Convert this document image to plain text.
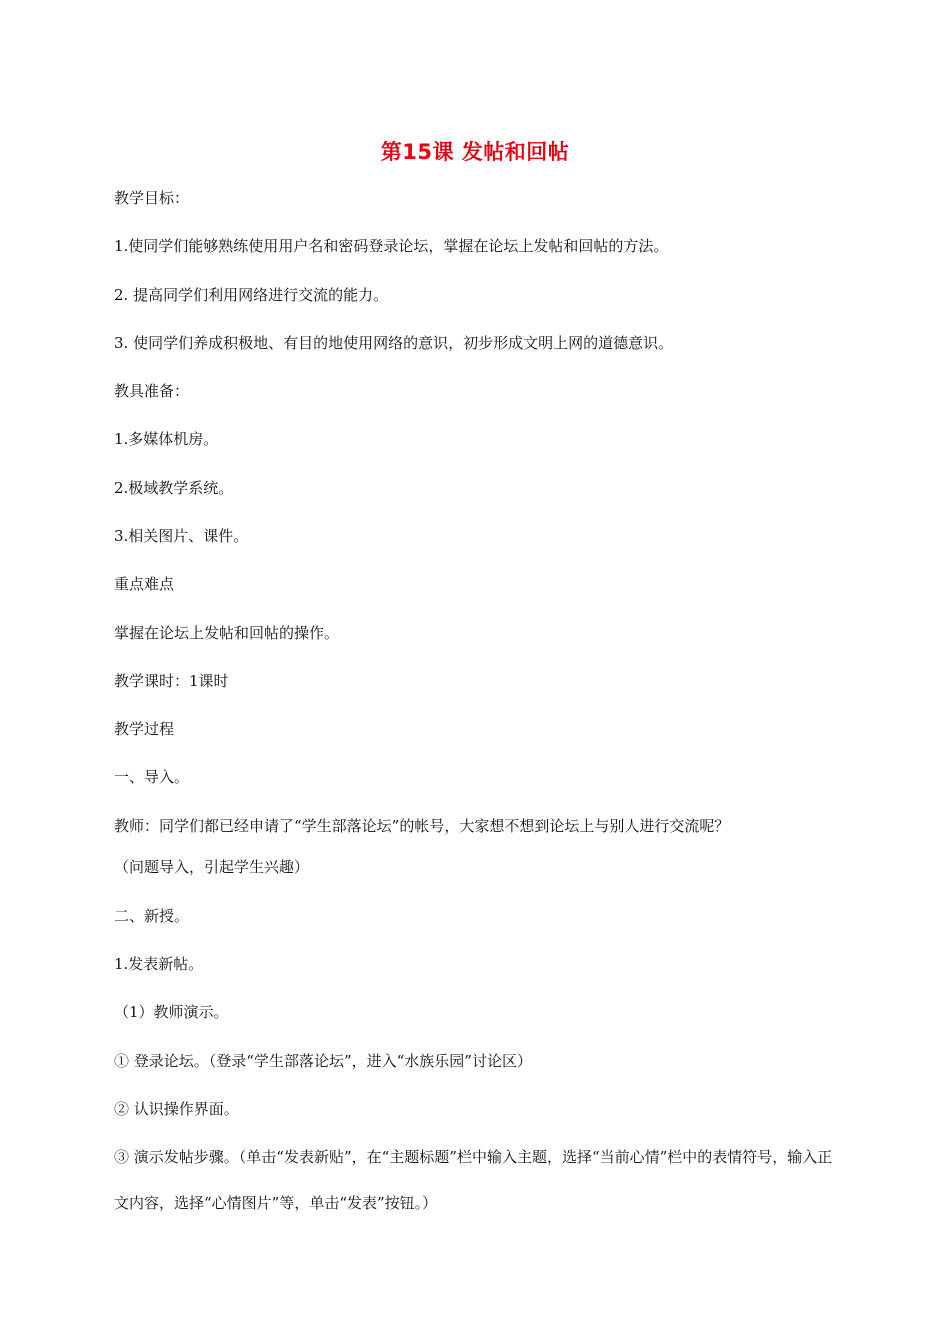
第15课 发帖和回帖
教学目标：
1.使同学们能够熟练使用用户名和密码登录论坛，掌握在论坛上发帖和回帖的方法。
2. 提高同学们利用网络进行交流的能力。
3. 使同学们养成积极地、有目的地使用网络的意识，初步形成文明上网的道德意识。
教具准备：
1.多媒体机房。
2.极域教学系统。
3.相关图片、课件。
重点难点
掌握在论坛上发帖和回帖的操作。
教学课时：1课时
教学过程
一、导入。
教师：同学们都已经申请了“学生部落论坛”的帐号，大家想不想到论坛上与别人进行交流呢？
（问题导入，引起学生兴趣）
二、新授。
1.发表新帖。
（1）教师演示。
① 登录论坛。（登录“学生部落论坛”，进入“水族乐园”讨论区）
② 认识操作界面。
③ 演示发帖步骤。（单击“发表新贴”，在“主题标题”栏中输入主题，选择“当前心情”栏中的表情符号，输入正文内容，选择“心情图片”等，单击“发表”按钮。）
